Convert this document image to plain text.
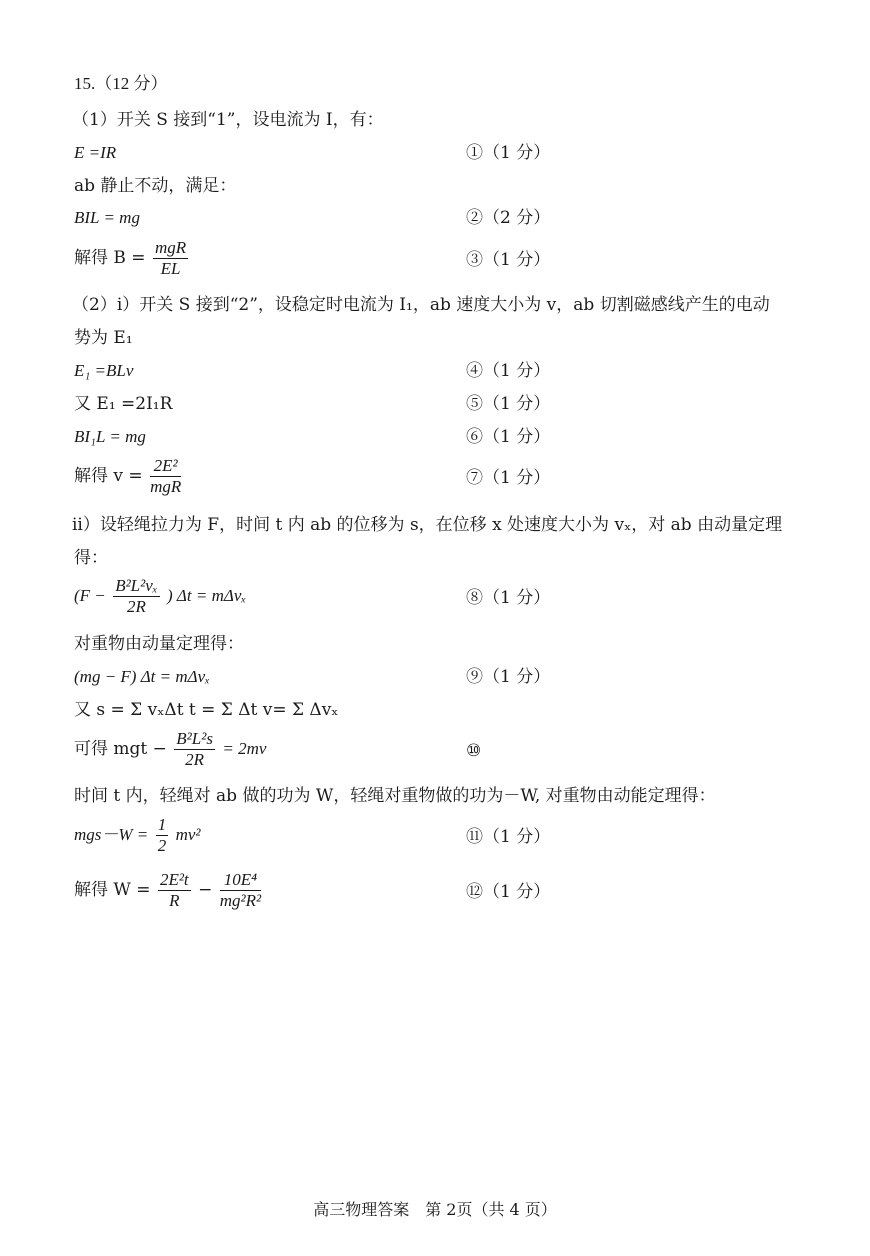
15.（12 分）
（1）开关 S 接到“1”，设电流为 I，有：
E =IR	①（1 分）
ab 静止不动，满足：
BIL = mg	②（2 分）
解得 $B = \frac{\text{mgR}}{EL}$	③（1 分）
（2）i）开关 S 接到“2”，设稳定时电流为 I₁，ab 速度大小为 v，ab 切割磁感线产生的电动
势为 E₁
E₁ =BLv	④（1 分）
又 E₁ =2I₁R	⑤（1 分）
BI₁L = mg	⑥（1 分）
解得 $v = \frac{\text{2E²}}{\text{mgR}}$	⑦（1 分）
ii）设轻绳拉力为 F，时间 t 内 ab 的位移为 s，在位移 x 处速度大小为 vₓ，对 ab 由动量定理
得：
($F - \frac{\text{B²L²vₓ}}{2R}$ ) Δt = mΔvₓ	⑧（1 分）
对重物由动量定理得：
(mg − F) Δt = mΔvₓ	⑨（1 分）
又 s = Σ vₓΔt t = Σ Δt v= Σ Δvₓ
可得 mgt − $\frac{\text{B²L²s}}{2R} = 2mv$	⑩
时间 t 内，轻绳对 ab 做的功为 W，轻绳对重物做的功为－W, 对重物由动能定理得：
$mgs-W = \frac{1}{2} mv^2$	⑪（1 分）
解得 $W = \frac{\text{2E²t}}{R} - \frac{\text{10E⁴}}{\text{mg²R²}}$	⑫（1 分）
高三物理答案　第 2页（共 4 页）
